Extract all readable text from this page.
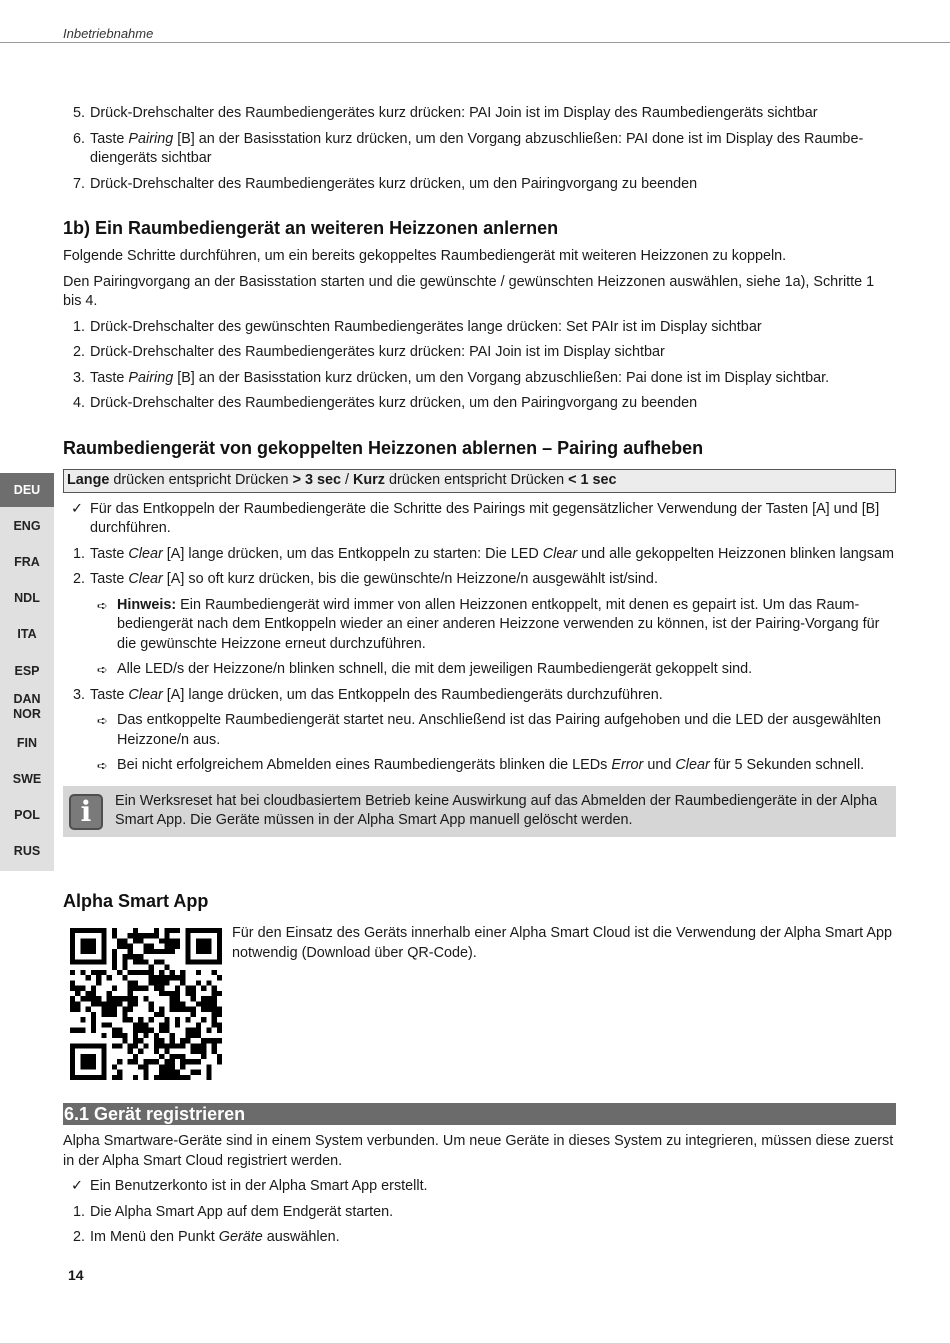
Inbetriebnahme
5. Drück-Drehschalter des Raumbediengerätes kurz drücken: PAI Join ist im Display des Raumbediengeräts sichtbar
6. Taste Pairing [B] an der Basisstation kurz drücken, um den Vorgang abzuschließen: PAI done ist im Display des Raumbediengeräts sichtbar
7. Drück-Drehschalter des Raumbediengerätes kurz drücken, um den Pairingvorgang zu beenden
1b) Ein Raumbediengerät an weiteren Heizzonen anlernen

Folgende Schritte durchführen, um ein bereits gekoppeltes Raumbediengerät mit weiteren Heizzonen zu koppeln.

Den Pairingvorgang an der Basisstation starten und die gewünschte / gewünschten Heizzonen auswählen, siehe 1a), Schritte 1 bis 4.

1. Drück-Drehschalter des gewünschten Raumbediengerätes lange drücken: Set PAIr ist im Display sichtbar
2. Drück-Drehschalter des Raumbediengerätes kurz drücken: PAI Join ist im Display sichtbar
3. Taste Pairing [B] an der Basisstation kurz drücken, um den Vorgang abzuschließen: Pai done ist im Display sichtbar.
4. Drück-Drehschalter des Raumbediengerätes kurz drücken, um den Pairingvorgang zu beenden
Raumbediengerät von gekoppelten Heizzonen ablernen – Pairing aufheben
Lange drücken entspricht Drücken > 3 sec / Kurz drücken entspricht Drücken < 1 sec
✓ Für das Entkoppeln der Raumbediengeräte die Schritte des Pairings mit gegensätzlicher Verwendung der Tasten [A] und [B] durchführen.
1. Taste Clear [A] lange drücken, um das Entkoppeln zu starten: Die LED Clear und alle gekoppelten Heizzonen blinken langsam
2. Taste Clear [A] so oft kurz drücken, bis die gewünschte/n Heizzone/n ausgewählt ist/sind.
➪ Hinweis: Ein Raumbediengerät wird immer von allen Heizzonen entkoppelt, mit denen es gepairt ist. Um das Raumbediengerät nach dem Entkoppeln wieder an einer anderen Heizzone verwenden zu können, ist der Pairing-Vorgang für die gewünschte Heizzone erneut durchzuführen.
➪ Alle LED/s der Heizzone/n blinken schnell, die mit dem jeweiligen Raumbediengerät gekoppelt sind.
3. Taste Clear [A] lange drücken, um das Entkoppeln des Raumbediengeräts durchzuführen.
➪ Das entkoppelte Raumbediengerät startet neu. Anschließend ist das Pairing aufgehoben und die LED der ausgewählten Heizzone/n aus.
➪ Bei nicht erfolgreichem Abmelden eines Raumbediengeräts blinken die LEDs Error und Clear für 5 Sekunden schnell.
i	Ein Werksreset hat bei cloudbasiertem Betrieb keine Auswirkung auf das Abmelden der Raumbediengeräte in der Alpha Smart App. Die Geräte müssen in der Alpha Smart App manuell gelöscht werden.
DEU
ENG
FRA
NDL
ITA
ESP
DAN
NOR
FIN
SWE
POL
RUS
Alpha Smart App
Für den Einsatz des Geräts innerhalb einer Alpha Smart Cloud ist die Verwendung der Alpha Smart App notwendig (Download über QR-Code).
6.1 Gerät registrieren

Alpha Smartware-Geräte sind in einem System verbunden. Um neue Geräte in dieses System zu integrieren, müssen diese zuerst in der Alpha Smart Cloud registriert werden.

✓ Ein Benutzerkonto ist in der Alpha Smart App erstellt.
1. Die Alpha Smart App auf dem Endgerät starten.
2. Im Menü den Punkt Geräte auswählen.
14
